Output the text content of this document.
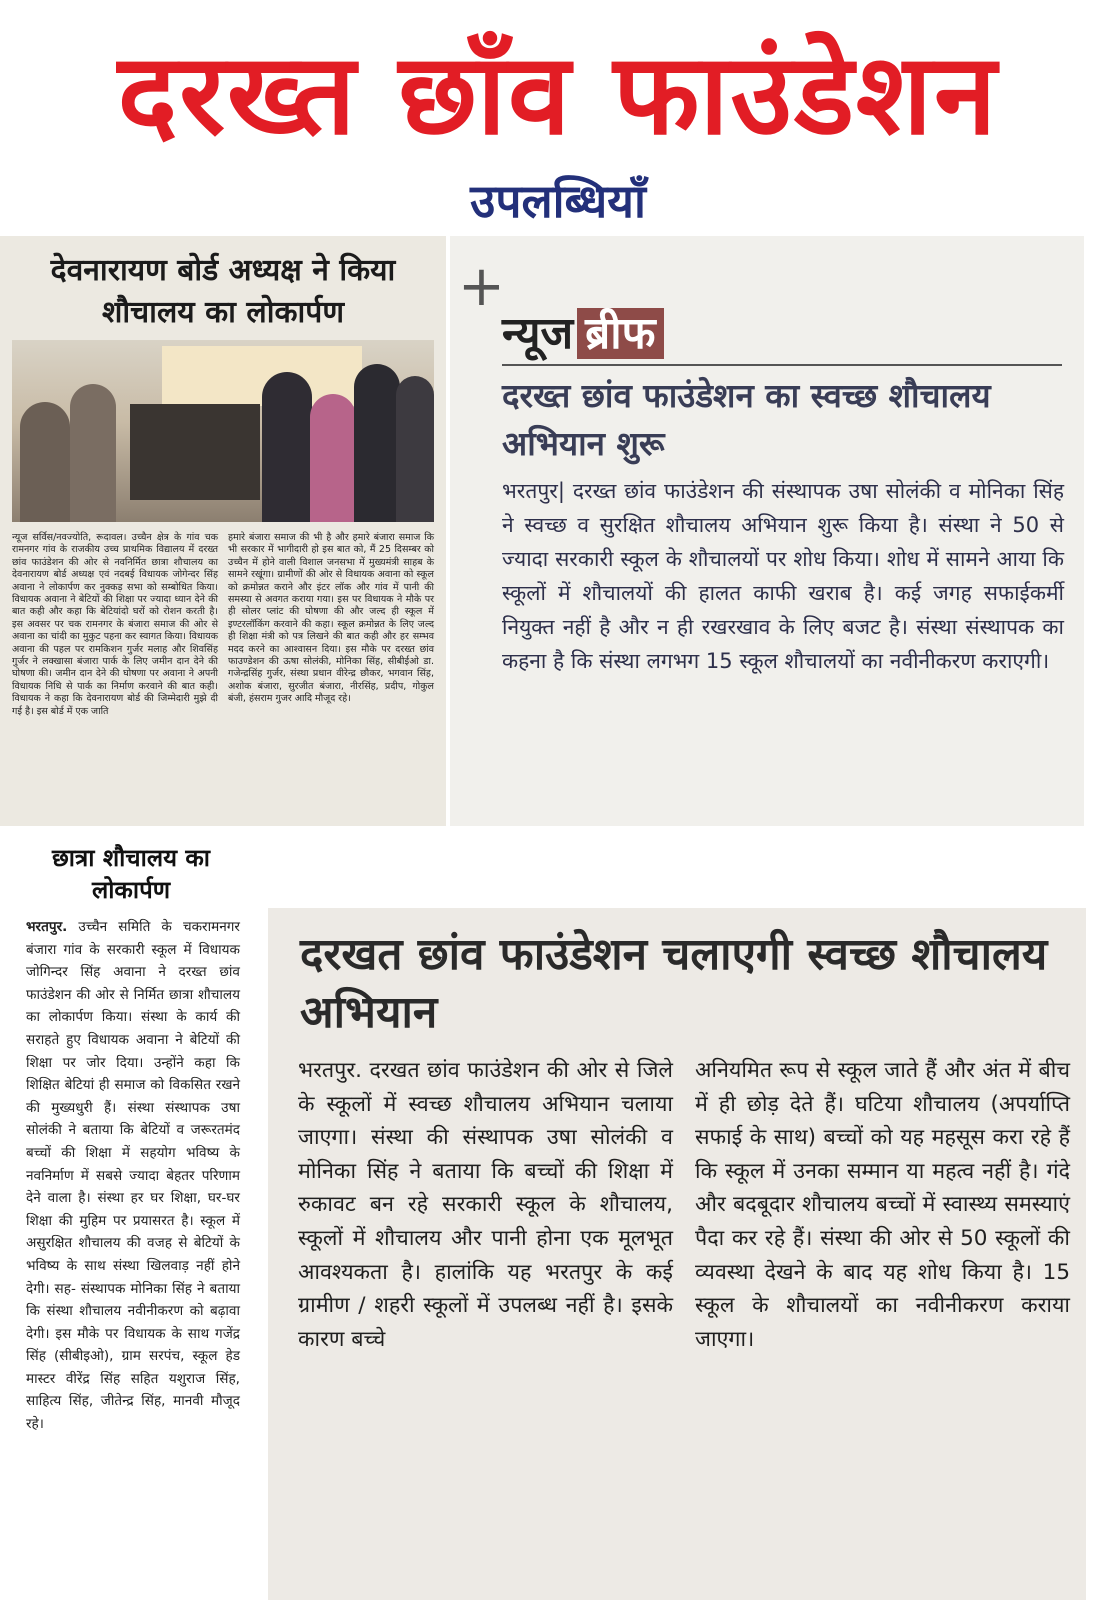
दरख्त छाँव फाउंडेशन
उपलब्धियाँ
देवनारायण बोर्ड अध्यक्ष ने किया शौचालय का लोकार्पण
न्यूज सर्विस/नवज्योति, रूदावल। उच्चैन क्षेत्र के गांव चक रामनगर गांव के राजकीय उच्च प्राथमिक विद्यालय में दरख्त छांव फाउंडेशन की ओर से नवनिर्मित छात्रा शौचालय का देवनारायण बोर्ड अध्यक्ष एवं नदबई विधायक जोगेन्दर सिंह अवाना ने लोकार्पण कर नुक्कड़ सभा को सम्बोधित किया। विधायक अवाना ने बेटियों की शिक्षा पर ज्यादा ध्यान देने की बात कही और कहा कि बेटियांदो घरों को रोशन करती है। इस अवसर पर चक रामनगर के बंजारा समाज की ओर से अवाना का चांदी का मुकुट पहना कर स्वागत किया। विधायक अवाना की पहल पर रामकिशन गुर्जर मलाह और शिवसिंह गुर्जर ने लक्खासा बंजारा पार्क के लिए जमीन दान देने की घोषणा की। जमीन दान देने की घोषणा पर अवाना ने अपनी विधायक निधि से पार्क का निर्माण करवाने की बात कही। विधायक ने कहा कि देवनारायण बोर्ड की जिम्मेदारी मुझे दी गई है। इस बोर्ड में एक जाति
हमारे बंजारा समाज की भी है और हमारे बंजारा समाज कि भी सरकार में भागीदारी हो इस बात को, मैं 25 दिसम्बर को उच्चैन में होने वाली विशाल जनसभा में मुख्यमंत्री साहब के सामने रखूंगा। ग्रामीणों की ओर से विधायक अवाना को स्कूल को क्रमोन्नत कराने और इंटर लॉक और गांव में पानी की समस्या से अवगत कराया गया। इस पर विधायक ने मौके पर ही सोलर प्लांट की घोषणा की और जल्द ही स्कूल में इण्टरलॉकिंग करवाने की कहा। स्कूल क्रमोन्नत के लिए जल्द ही शिक्षा मंत्री को पत्र लिखने की बात कही और हर सम्भव मदद करने का आश्वासन दिया। इस मौके पर दरख्त छांव फाउण्डेशन की ऊषा सोलंकी, मोनिका सिंह, सीबीईओ डा. गजेन्द्रसिंह गुर्जर, संस्था प्रधान वीरेन्द्र छौकर, भगवान सिंह, अशोक बंजारा, सुरजीत बंजारा, नीरसिंह, प्रदीप, गोकुल बंजी, हंसराम गुजर आदि मौजूद रहे।
+
न्यूज ब्रीफ
दरख्त छांव फाउंडेशन का स्वच्छ शौचालय अभियान शुरू
भरतपुर| दरख्त छांव फाउंडेशन की संस्थापक उषा सोलंकी व मोनिका सिंह ने स्वच्छ व सुरक्षित शौचालय अभियान शुरू किया है। संस्था ने 50 से ज्यादा सरकारी स्कूल के शौचालयों पर शोध किया। शोध में सामने आया कि स्कूलों में शौचालयों की हालत काफी खराब है। कई जगह सफाईकर्मी नियुक्त नहीं है और न ही रखरखाव के लिए बजट है। संस्था संस्थापक का कहना है कि संस्था लगभग 15 स्कूल शौचालयों का नवीनीकरण कराएगी।
छात्रा शौचालय का लोकार्पण
भरतपुर. उच्चैन समिति के चकरामनगर बंजारा गांव के सरकारी स्कूल में विधायक जोगिन्दर सिंह अवाना ने दरख्त छांव फाउंडेशन की ओर से निर्मित छात्रा शौचालय का लोकार्पण किया। संस्था के कार्य की सराहते हुए विधायक अवाना ने बेटियों की शिक्षा पर जोर दिया। उन्होंने कहा कि शिक्षित बेटियां ही समाज को विकसित रखने की मुख्यधुरी हैं। संस्था संस्थापक उषा सोलंकी ने बताया कि बेटियों व जरूरतमंद बच्चों की शिक्षा में सहयोग भविष्य के नवनिर्माण में सबसे ज्यादा बेहतर परिणाम देने वाला है। संस्था हर घर शिक्षा, घर-घर शिक्षा की मुहिम पर प्रयासरत है। स्कूल में असुरक्षित शौचालय की वजह से बेटियों के भविष्य के साथ संस्था खिलवाड़ नहीं होने देगी। सह- संस्थापक मोनिका सिंह ने बताया कि संस्था शौचालय नवीनीकरण को बढ़ावा देगी। इस मौके पर विधायक के साथ गजेंद्र सिंह (सीबीइओ), ग्राम सरपंच, स्कूल हेड मास्टर वीरेंद्र सिंह सहित यशुराज सिंह, साहित्य सिंह, जीतेन्द्र सिंह, मानवी मौजूद रहे।
दरखत छांव फाउंडेशन चलाएगी स्वच्छ शौचालय अभियान
भरतपुर. दरखत छांव फाउंडेशन की ओर से जिले के स्कूलों में स्वच्छ शौचालय अभियान चलाया जाएगा। संस्था की संस्थापक उषा सोलंकी व मोनिका सिंह ने बताया कि बच्चों की शिक्षा में रुकावट बन रहे सरकारी स्कूल के शौचालय, स्कूलों में शौचालय और पानी होना एक मूलभूत आवश्यकता है। हालांकि यह भरतपुर के कई ग्रामीण / शहरी स्कूलों में उपलब्ध नहीं है। इसके कारण बच्चे
अनियमित रूप से स्कूल जाते हैं और अंत में बीच में ही छोड़ देते हैं। घटिया शौचालय (अपर्याप्ति सफाई के साथ) बच्चों को यह महसूस करा रहे हैं कि स्कूल में उनका सम्मान या महत्व नहीं है। गंदे और बदबूदार शौचालय बच्चों में स्वास्थ्य समस्याएं पैदा कर रहे हैं। संस्था की ओर से 50 स्कूलों की व्यवस्था देखने के बाद यह शोध किया है। 15 स्कूल के शौचालयों का नवीनीकरण कराया जाएगा।
